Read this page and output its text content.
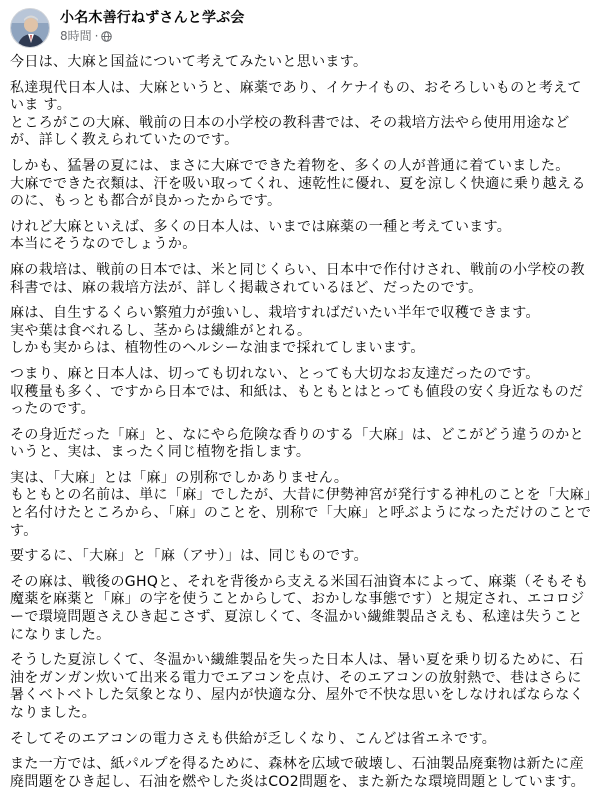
小名木善行ねずさんと学ぶ会
8時間 ·
今日は、大麻と国益について考えてみたいと思います。
私達現代日本人は、大麻というと、麻薬であり、イケナイもの、おそろしいものと考えていま す。
ところがこの大麻、戦前の日本の小学校の教科書では、その栽培方法やら使用用途などが、詳しく教えられていたのです。
しかも、猛暑の夏には、まさに大麻でできた着物を、多くの人が普通に着ていました。
大麻でできた衣類は、汗を吸い取ってくれ、速乾性に優れ、夏を涼しく快適に乗り越えるのに、もっとも都合が良かったからです。
けれど大麻といえば、多くの日本人は、いまでは麻薬の一種と考えています。
本当にそうなのでしょうか。
麻の栽培は、戦前の日本では、米と同じくらい、日本中で作付けされ、戦前の小学校の教科書では、麻の栽培方法が、詳しく掲載されているほど、だったのです。
麻は、自生するくらい繁殖力が強いし、栽培すればだいたい半年で収穫できます。
実や葉は食べれるし、茎からは繊維がとれる。
しかも実からは、植物性のヘルシーな油まで採れてしまいます。
つまり、麻と日本人は、切っても切れない、とっても大切なお友達だったのです。
収穫量も多く、ですから日本では、和紙は、もともとはとっても値段の安く身近なものだったのです。
その身近だった「麻」と、なにやら危険な香りのする「大麻」は、どこがどう違うのかというと、実は、まったく同じ植物を指します。
実は、「大麻」とは「麻」の別称でしかありません。
もともとの名前は、単に「麻」でしたが、大昔に伊勢神宮が発行する神札のことを「大麻」と名付けたところから、「麻」のことを、別称で「大麻」と呼ぶようになっただけのことです。
要するに、「大麻」と「麻（アサ）」は、同じものです。
その麻は、戦後のGHQと、それを背後から支える米国石油資本によって、麻薬（そもそも魔薬を麻薬と「麻」の字を使うことからして、おかしな事態です）と規定され、エコロジーで環境問題さえひき起こさず、夏涼しくて、冬温かい繊維製品さえも、私達は失うことになりました。
そうした夏涼しくて、冬温かい繊維製品を失った日本人は、暑い夏を乗り切るために、石油をガンガン炊いて出来る電力でエアコンを点け、そのエアコンの放射熱で、巷はさらに暑くベトベトした気象となり、屋内が快適な分、屋外で不快な思いをしなければならなくなりました。
そしてそのエアコンの電力さえも供給が乏しくなり、こんどは省エネです。
また一方では、紙パルプを得るために、森林を広域で破壊し、石油製品廃棄物は新たに産廃問題をひき起し、石油を燃やした炎はCO2問題を、また新たな環境問題としています。
